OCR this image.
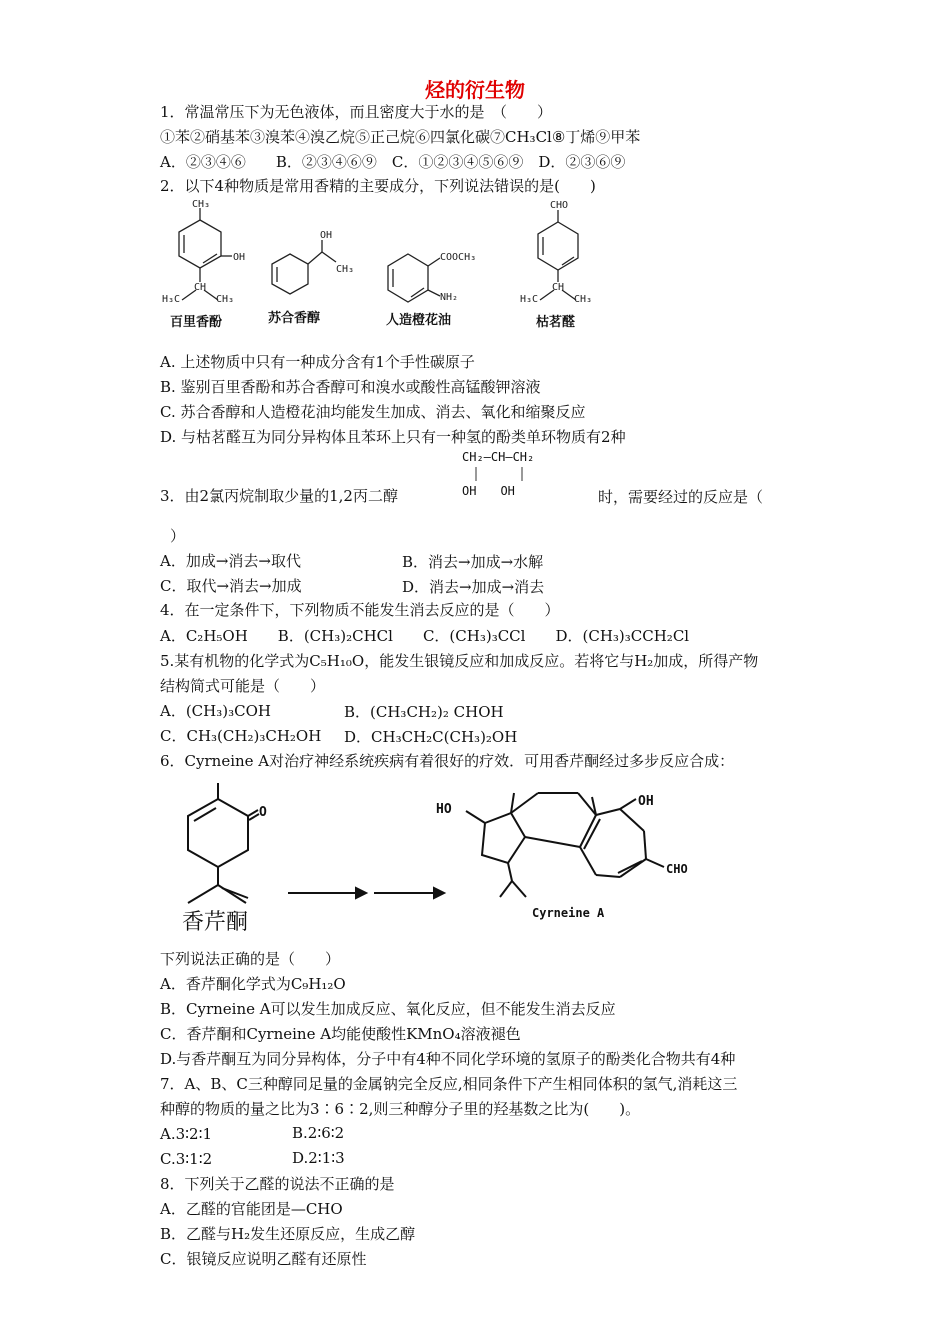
烃的衍生物
1．常温常压下为无色液体，而且密度大于水的是　（　　）
①苯②硝基苯③溴苯④溴乙烷⑤正己烷⑥四氯化碳⑦CH₃Cl⑧丁烯⑨甲苯
A．②③④⑥　　B．②③④⑥⑨　C．①②③④⑤⑥⑨　D．②③⑥⑨
2．以下4种物质是常用香精的主要成分，下列说法错误的是(　　)
CH₃
OH
CH
H₃C	CH₃
百里香酚
OH
CH₃
苏合香醇
COOCH₃
NH₂
人造橙花油
CHO
CH
H₃C	CH₃
枯茗醛
A. 上述物质中只有一种成分含有1个手性碳原子
B. 鉴别百里香酚和苏合香醇可和溴水或酸性高锰酸钾溶液
C. 苏合香醇和人造橙花油均能发生加成、消去、氧化和缩聚反应
D. 与枯茗醛互为同分异构体且苯环上只有一种氢的酚类单环物质有2种
CH₂—CH—CH₂
OH　　OH
3．由2氯丙烷制取少量的1,2丙二醇	时，需要经过的反应是（
）
A．加成→消去→取代	B．消去→加成→水解
C．取代→消去→加成	D．消去→加成→消去
4．在一定条件下，下列物质不能发生消去反应的是（　　）
A．C₂H₅OH　　B．(CH₃)₂CHCl　　C．(CH₃)₃CCl　　D．(CH₃)₃CCH₂Cl
5.某有机物的化学式为C₅H₁₀O，能发生银镜反应和加成反应。若将它与H₂加成，所得产物
结构简式可能是（　　）
A．(CH₃)₃COH	B．(CH₃CH₂)₂ CHOH
C．CH₃(CH₂)₃CH₂OH D．CH₃CH₂C(CH₃)₂OH
6．Cyrneine A对治疗神经系统疾病有着很好的疗效．可用香芹酮经过多步反应合成：
O
香芹酮
HO
OH
CHO
Cyrneine A
下列说法正确的是（　　）
A．香芹酮化学式为C₉H₁₂O
B．Cyrneine A可以发生加成反应、氧化反应，但不能发生消去反应
C．香芹酮和Cyrneine A均能使酸性KMnO₄溶液褪色
D.与香芹酮互为同分异构体，分子中有4种不同化学环境的氢原子的酚类化合物共有4种
7．A、B、C三种醇同足量的金属钠完全反应,相同条件下产生相同体积的氢气,消耗这三
种醇的物质的量之比为3∶6∶2,则三种醇分子里的羟基数之比为(　　)。
A.3∶2∶1	B.2∶6∶2
C.3∶1∶2	D.2∶1∶3
8．下列关于乙醛的说法不正确的是
A．乙醛的官能团是—CHO
B．乙醛与H₂发生还原反应，生成乙醇
C．银镜反应说明乙醛有还原性
